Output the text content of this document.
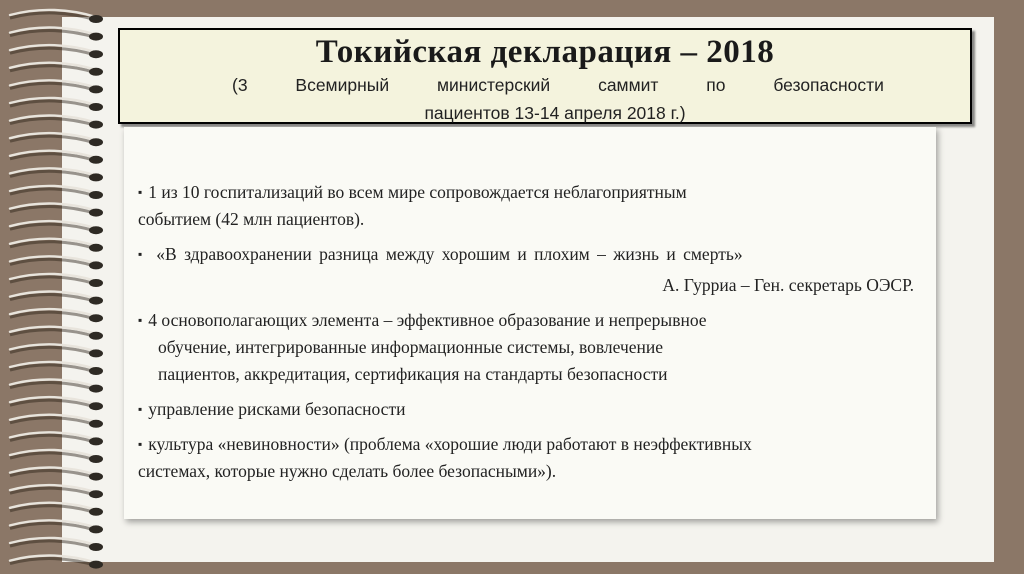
Токийская декларация – 2018
(3	Всемирный	министерский	саммит	по	безопасности
пациентов 13-14 апреля 2018 г.)
▪ 1 из 10 госпитализаций во всем мире сопровождается неблагоприятным
событием (42 млн пациентов).
▪ «В здравоохранении разница между хорошим и плохим – жизнь и смерть»
А. Гурриа – Ген. секретарь ОЭСР.
▪ 4 основополагающих элемента – эффективное образование и непрерывное
обучение, интегрированные информационные системы, вовлечение
пациентов, аккредитация, сертификация на стандарты безопасности
▪ управление рисками безопасности
▪ культура «невиновности» (проблема «хорошие люди работают в неэффективных
системах, которые нужно сделать более безопасными»).
